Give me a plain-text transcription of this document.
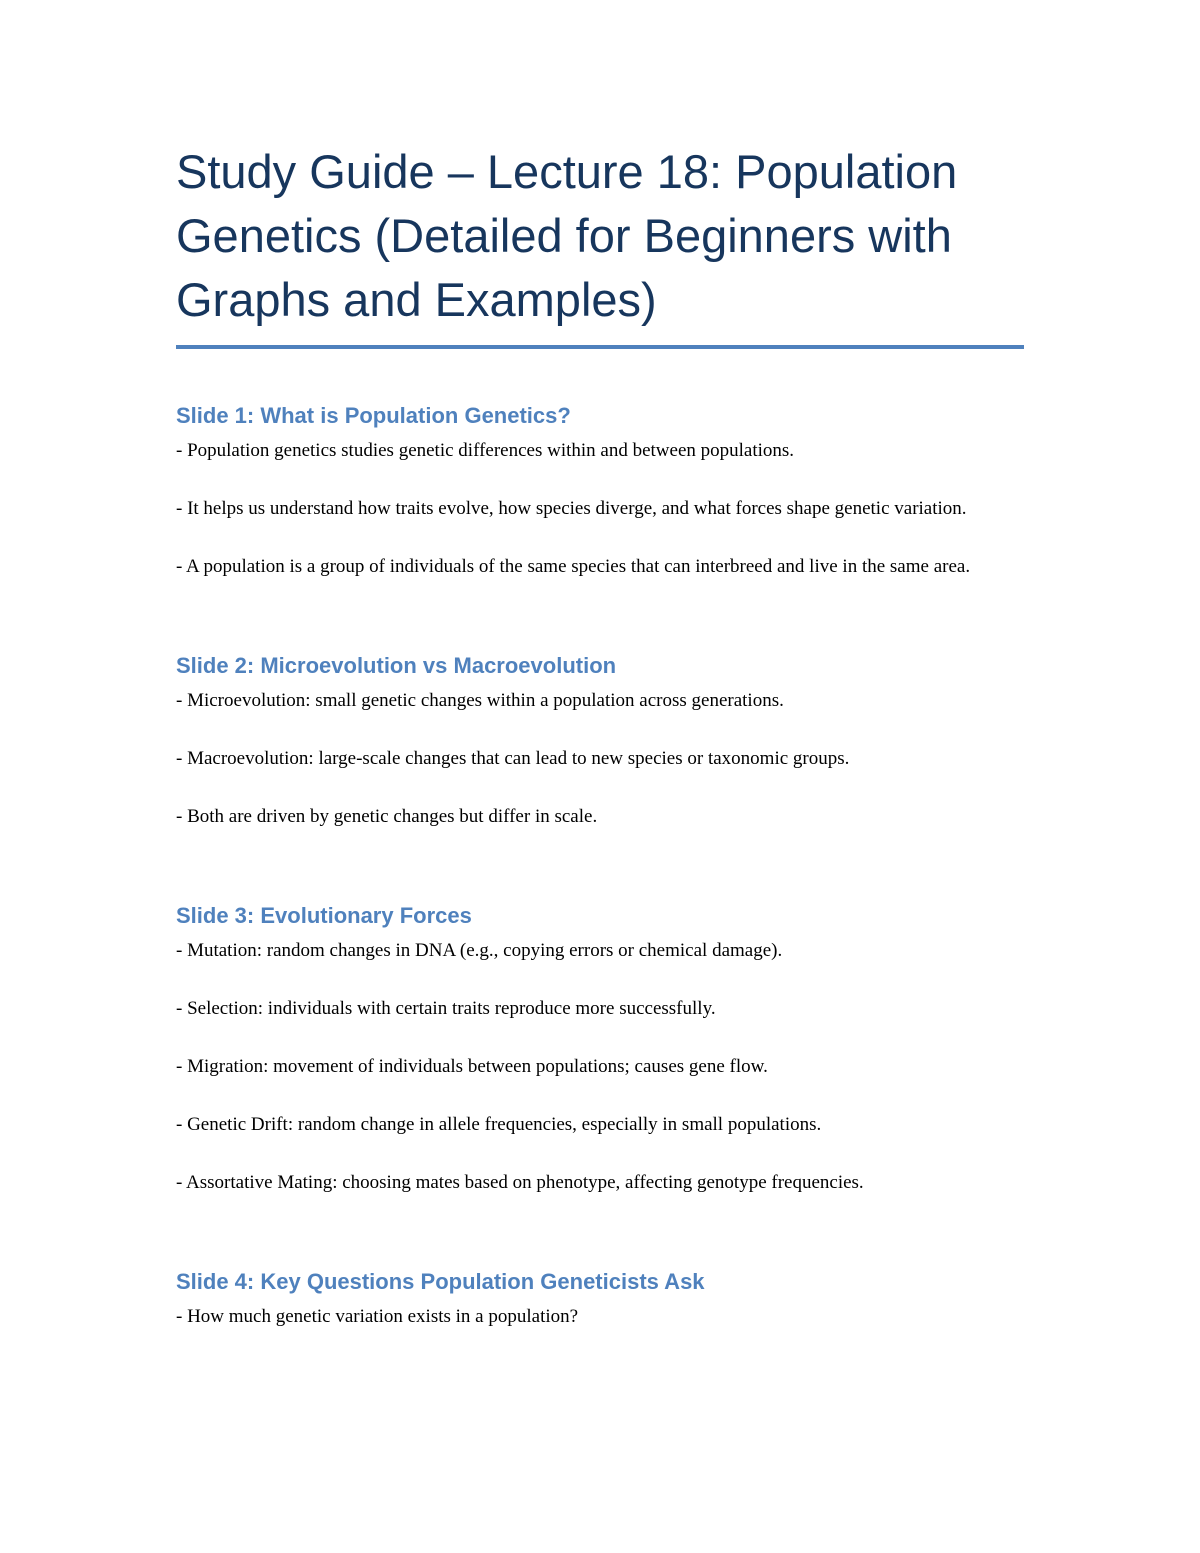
Study Guide – Lecture 18: Population Genetics (Detailed for Beginners with Graphs and Examples)
Slide 1: What is Population Genetics?

- Population genetics studies genetic differences within and between populations.

- It helps us understand how traits evolve, how species diverge, and what forces shape genetic variation.

- A population is a group of individuals of the same species that can interbreed and live in the same area.

Slide 2: Microevolution vs Macroevolution

- Microevolution: small genetic changes within a population across generations.

- Macroevolution: large-scale changes that can lead to new species or taxonomic groups.

- Both are driven by genetic changes but differ in scale.

Slide 3: Evolutionary Forces

- Mutation: random changes in DNA (e.g., copying errors or chemical damage).

- Selection: individuals with certain traits reproduce more successfully.

- Migration: movement of individuals between populations; causes gene flow.

- Genetic Drift: random change in allele frequencies, especially in small populations.

- Assortative Mating: choosing mates based on phenotype, affecting genotype frequencies.

Slide 4: Key Questions Population Geneticists Ask

- How much genetic variation exists in a population?
